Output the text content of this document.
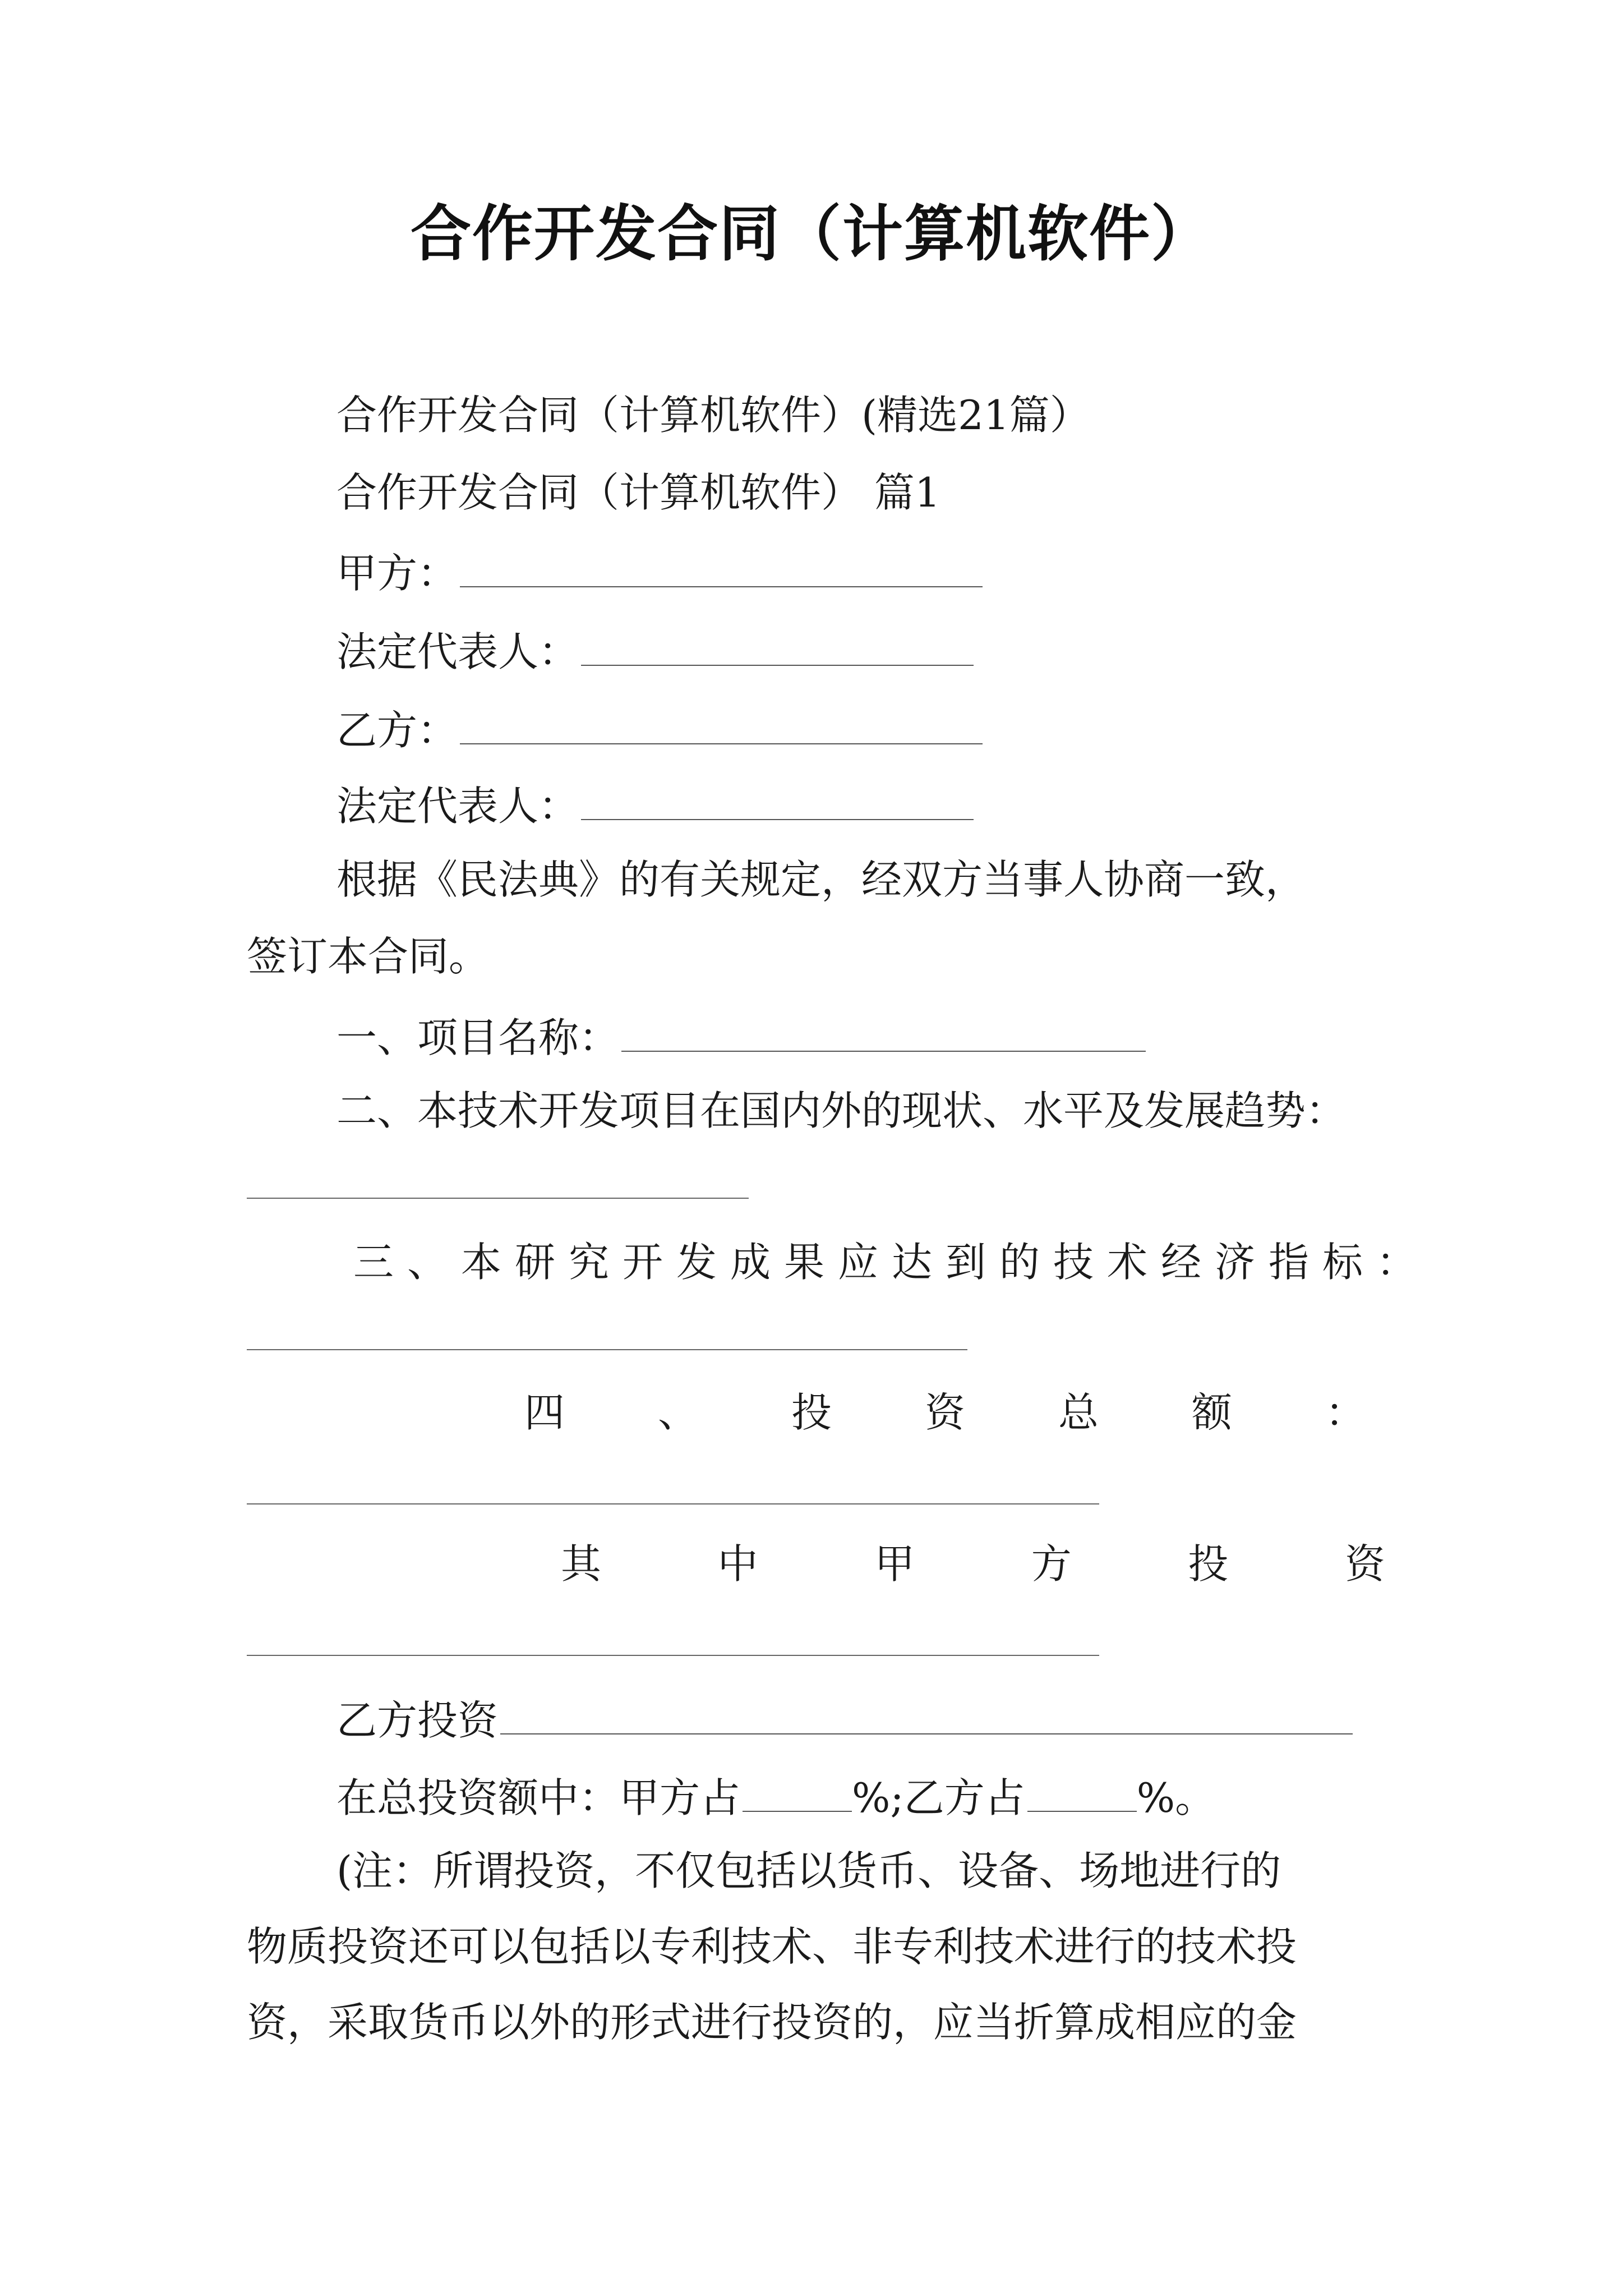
合作开发合同（计算机软件）
合作开发合同（计算机软件）(精选21篇）
合作开发合同（计算机软件） 篇1
甲方：
法定代表人：
乙方：
法定代表人：
根据《民法典》的有关规定，经双方当事人协商一致，
签订本合同。
一、项目名称：
二、本技术开发项目在国内外的现状、水平及发展趋势：
三、本研究开发成果应达到的技术经济指标：
四 、 投 资 总 额 ：
其	中	甲	方	投	资
乙方投资
在总投资额中：甲方占	%;乙方占	%。
(注：所谓投资，不仅包括以货币、设备、场地进行的
物质投资还可以包括以专利技术、非专利技术进行的技术投
资，采取货币以外的形式进行投资的，应当折算成相应的金
